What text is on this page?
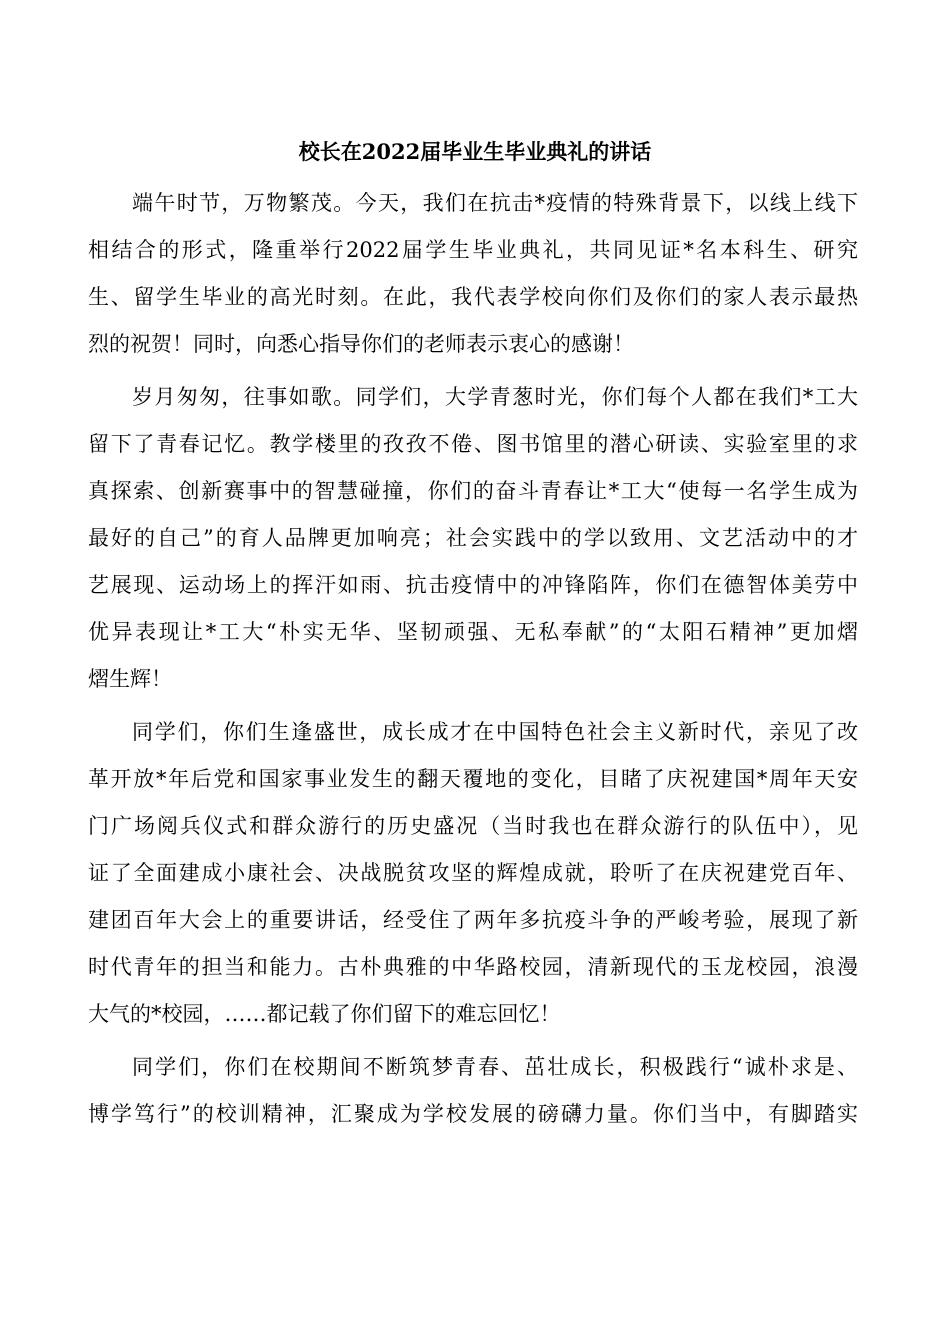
校长在2022届毕业生毕业典礼的讲话
端午时节，万物繁茂。今天，我们在抗击*疫情的特殊背景下，以线上线下
相结合的形式，隆重举行2022届学生毕业典礼，共同见证*名本科生、研究
生、留学生毕业的高光时刻。在此，我代表学校向你们及你们的家人表示最热
烈的祝贺！同时，向悉心指导你们的老师表示衷心的感谢！
岁月匆匆，往事如歌。同学们，大学青葱时光，你们每个人都在我们*工大
留下了青春记忆。教学楼里的孜孜不倦、图书馆里的潜心研读、实验室里的求
真探索、创新赛事中的智慧碰撞，你们的奋斗青春让*工大“使每一名学生成为
最好的自己”的育人品牌更加响亮；社会实践中的学以致用、文艺活动中的才
艺展现、运动场上的挥汗如雨、抗击疫情中的冲锋陷阵，你们在德智体美劳中
优异表现让*工大“朴实无华、坚韧顽强、无私奉献”的“太阳石精神”更加熠
熠生辉！
同学们，你们生逢盛世，成长成才在中国特色社会主义新时代，亲见了改
革开放*年后党和国家事业发生的翻天覆地的变化，目睹了庆祝建国*周年天安
门广场阅兵仪式和群众游行的历史盛况（当时我也在群众游行的队伍中），见
证了全面建成小康社会、决战脱贫攻坚的辉煌成就，聆听了在庆祝建党百年、
建团百年大会上的重要讲话，经受住了两年多抗疫斗争的严峻考验，展现了新
时代青年的担当和能力。古朴典雅的中华路校园，清新现代的玉龙校园，浪漫
大气的*校园，……都记载了你们留下的难忘回忆！
同学们，你们在校期间不断筑梦青春、茁壮成长，积极践行“诚朴求是、
博学笃行”的校训精神，汇聚成为学校发展的磅礴力量。你们当中，有脚踏实
